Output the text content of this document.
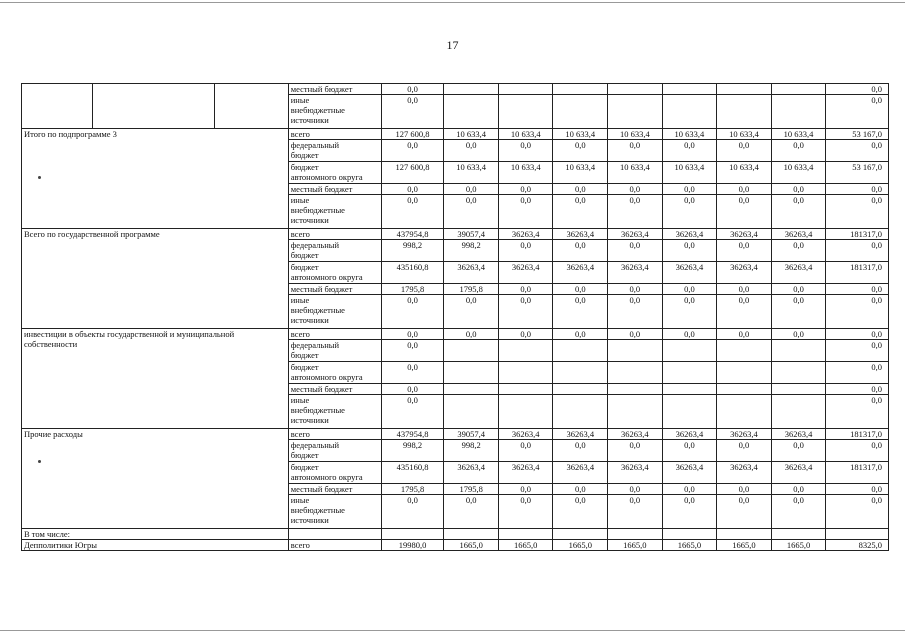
17
			местный бюджет	0,0								0,0
			иные
внебюджетные
источники	0,0								0,0
Итого по подпрограмме 3			всего	127 600,8	10 633,4	10 633,4	10 633,4	10 633,4	10 633,4	10 633,4	10 633,4	53 167,0
			федеральный
бюджет	0,0	0,0	0,0	0,0	0,0	0,0	0,0	0,0	0,0
			бюджет
автономного округа	127 600,8	10 633,4	10 633,4	10 633,4	10 633,4	10 633,4	10 633,4	10 633,4	53 167,0
			местный бюджет	0,0	0,0	0,0	0,0	0,0	0,0	0,0	0,0	0,0
			иные
внебюджетные
источники	0,0	0,0	0,0	0,0	0,0	0,0	0,0	0,0	0,0
Всего по государственной программе			всего	437954,8	39057,4	36263,4	36263,4	36263,4	36263,4	36263,4	36263,4	181317,0
			федеральный
бюджет	998,2	998,2	0,0	0,0	0,0	0,0	0,0	0,0	0,0
			бюджет
автономного округа	435160,8	36263,4	36263,4	36263,4	36263,4	36263,4	36263,4	36263,4	181317,0
			местный бюджет	1795,8	1795,8	0,0	0,0	0,0	0,0	0,0	0,0	0,0
			иные
внебюджетные
источники	0,0	0,0	0,0	0,0	0,0	0,0	0,0	0,0	0,0
инвестиции в объекты государственной и муниципальной собственности			всего	0,0	0,0	0,0	0,0	0,0	0,0	0,0	0,0	0,0
			федеральный
бюджет	0,0								0,0
			бюджет
автономного округа	0,0								0,0
			местный бюджет	0,0								0,0
			иные
внебюджетные
источники	0,0								0,0
Прочие расходы			всего	437954,8	39057,4	36263,4	36263,4	36263,4	36263,4	36263,4	36263,4	181317,0
			федеральный
бюджет	998,2	998,2	0,0	0,0	0,0	0,0	0,0	0,0	0,0
			бюджет
автономного округа	435160,8	36263,4	36263,4	36263,4	36263,4	36263,4	36263,4	36263,4	181317,0
			местный бюджет	1795,8	1795,8	0,0	0,0	0,0	0,0	0,0	0,0	0,0
			иные
внебюджетные
источники	0,0	0,0	0,0	0,0	0,0	0,0	0,0	0,0	0,0
В том числе:												
Депполитики Югры			всего	19980,0	1665,0	1665,0	1665,0	1665,0	1665,0	1665,0	1665,0	8325,0
